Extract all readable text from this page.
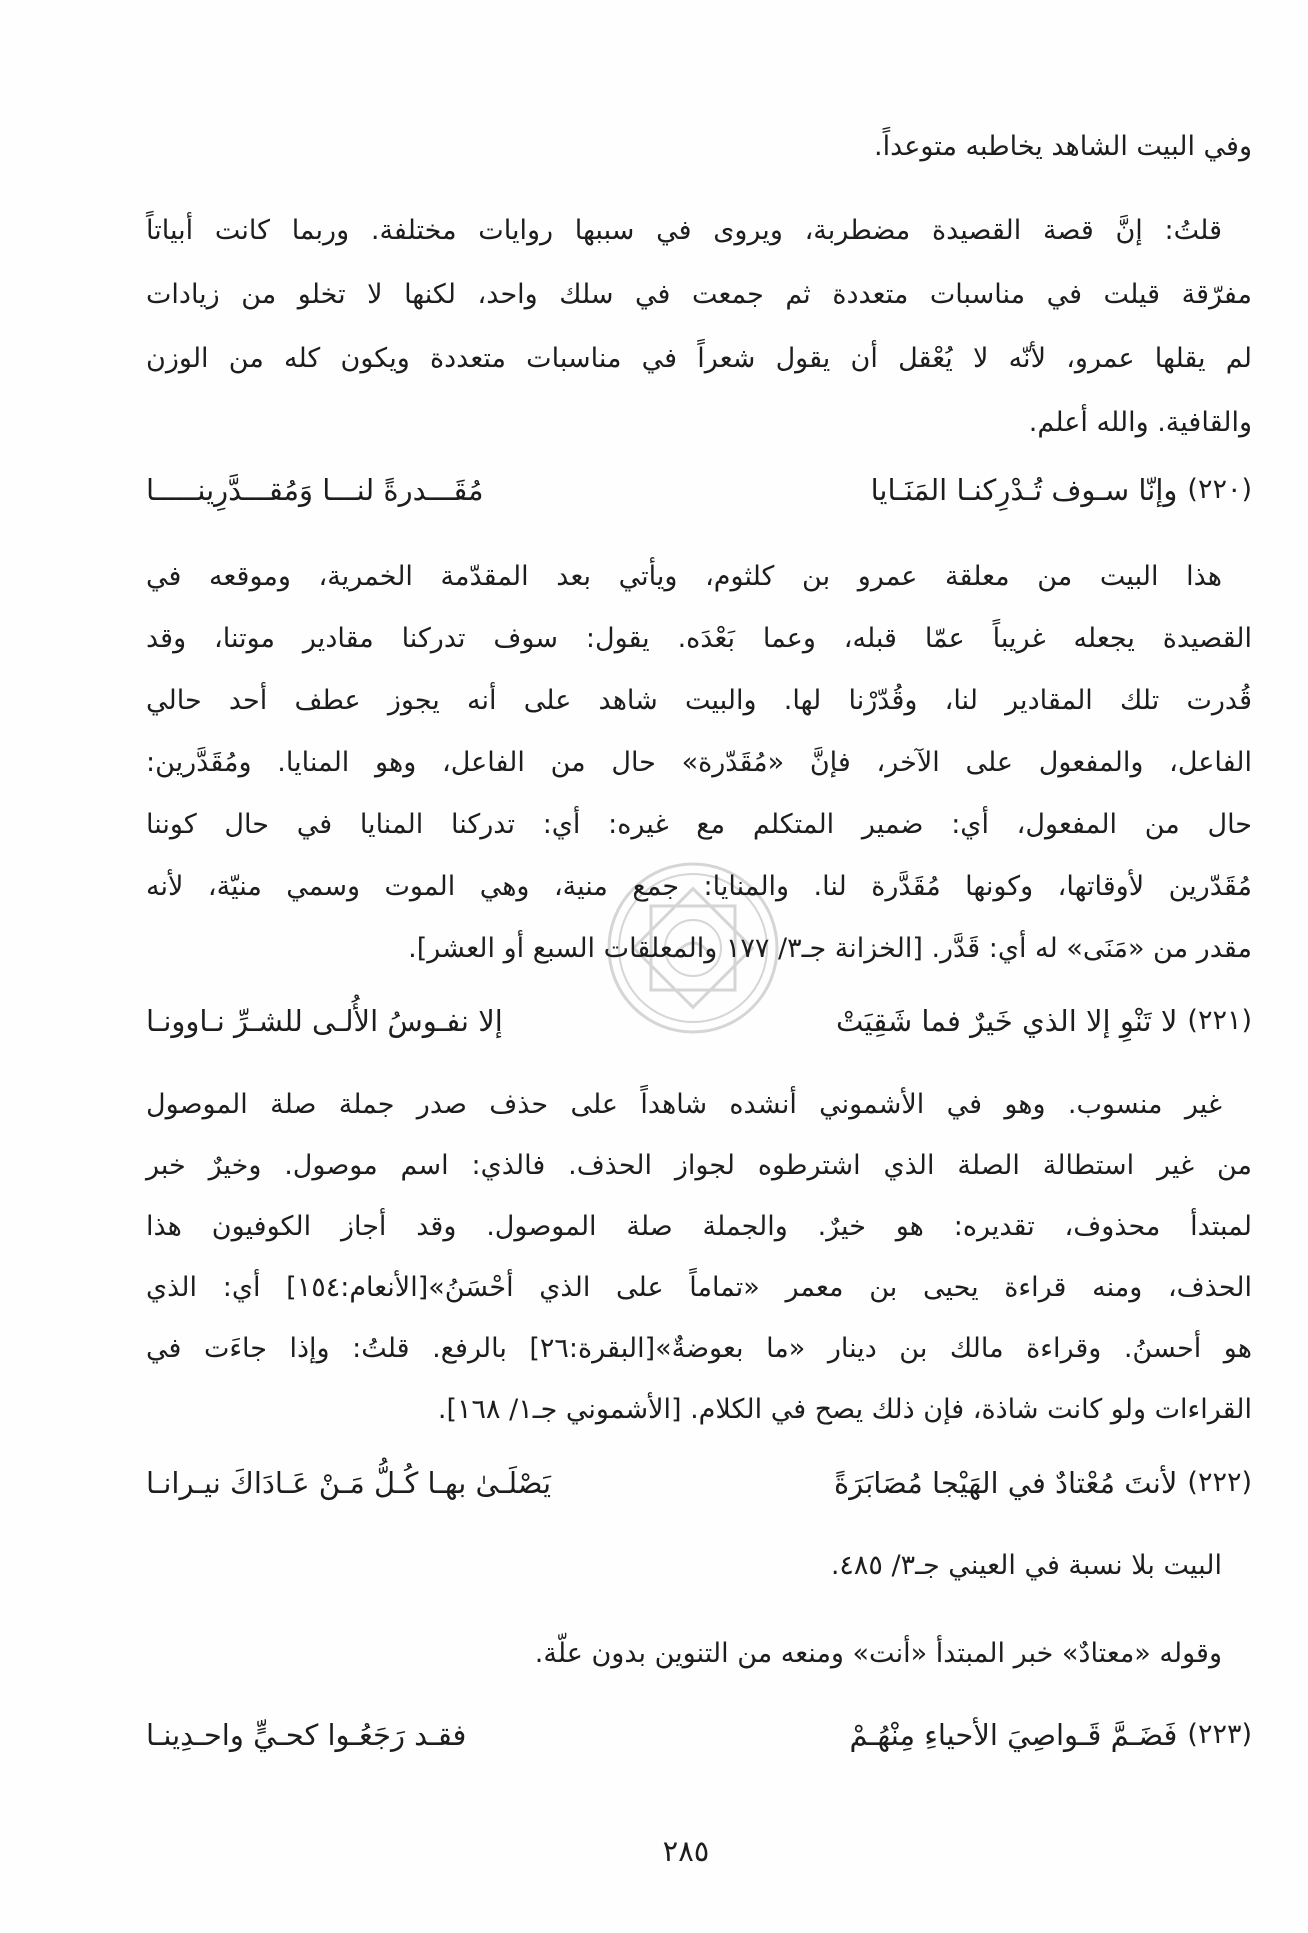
وفي البيت الشاهد يخاطبه متوعداً.
قلتُ: إنَّ قصة القصيدة مضطربة، ويروى في سببها روايات مختلفة. وربما كانت أبياتاً
مفرّقة قيلت في مناسبات متعددة ثم جمعت في سلك واحد، لكنها لا تخلو من زيادات
لم يقلها عمرو، لأنّه لا يُعْقل أن يقول شعراً في مناسبات متعددة ويكون كله من الوزن
والقافية. والله أعلم.
(٢٢٠)
وإنّا سـوف تُـدْرِكنـا المَنَـايا
مُقَـــدرةً لنـــا وَمُقـــدَّرِينـــــا
هذا البيت من معلقة عمرو بن كلثوم، ويأتي بعد المقدّمة الخمرية، وموقعه في
القصيدة يجعله غريباً عمّا قبله، وعما بَعْدَه. يقول: سوف تدركنا مقادير موتنا، وقد
قُدرت تلك المقادير لنا، وقُدّرْنا لها. والبيت شاهد على أنه يجوز عطف أحد حالي
الفاعل، والمفعول على الآخر، فإنَّ «مُقَدّرة» حال من الفاعل، وهو المنايا. ومُقَدَّرين:
حال من المفعول، أي: ضمير المتكلم مع غيره: أي: تدركنا المنايا في حال كوننا
مُقَدّرين لأوقاتها، وكونها مُقَدَّرة لنا. والمنايا: جمع منية، وهي الموت وسمي منيّة، لأنه
مقدر من «مَنَى» له أي: قَدَّر. [الخزانة جـ٣/ ١٧٧ والمعلقات السبع أو العشر].
(٢٢١)
لا تَنْوِ إلا الذي خَيرٌ فما شَقِيَتْ
إلا نفـوسُ الأُلـى للشـرِّ نـاوونـا
غير منسوب. وهو في الأشموني أنشده شاهداً على حذف صدر جملة صلة الموصول
من غير استطالة الصلة الذي اشترطوه لجواز الحذف. فالذي: اسم موصول. وخيرٌ خبر
لمبتدأ محذوف، تقديره: هو خيرٌ. والجملة صلة الموصول. وقد أجاز الكوفيون هذا
الحذف، ومنه قراءة يحيى بن معمر «تماماً على الذي أحْسَنُ»[الأنعام:١٥٤] أي: الذي
هو أحسنُ. وقراءة مالك بن دينار «ما بعوضةٌ»[البقرة:٢٦] بالرفع. قلتُ: وإذا جاءَت في
القراءات ولو كانت شاذة، فإن ذلك يصح في الكلام. [الأشموني جـ١/ ١٦٨].
(٢٢٢)
لأنتَ مُعْتادٌ في الهَيْجا مُصَابَرَةً
يَصْلَـىٰ بهـا كُـلُّ مَـنْ عَـادَاكَ نيـرانـا
البيت بلا نسبة في العيني جـ٣/ ٤٨٥.
وقوله «معتادٌ» خبر المبتدأ «أنت» ومنعه من التنوين بدون علّة.
(٢٢٣)
فَضَـمَّ قَـواصِيَ الأحياءِ مِنْهُـمْ
فقـد رَجَعُـوا كحـيٍّ واحـدِينـا
٢٨٥
